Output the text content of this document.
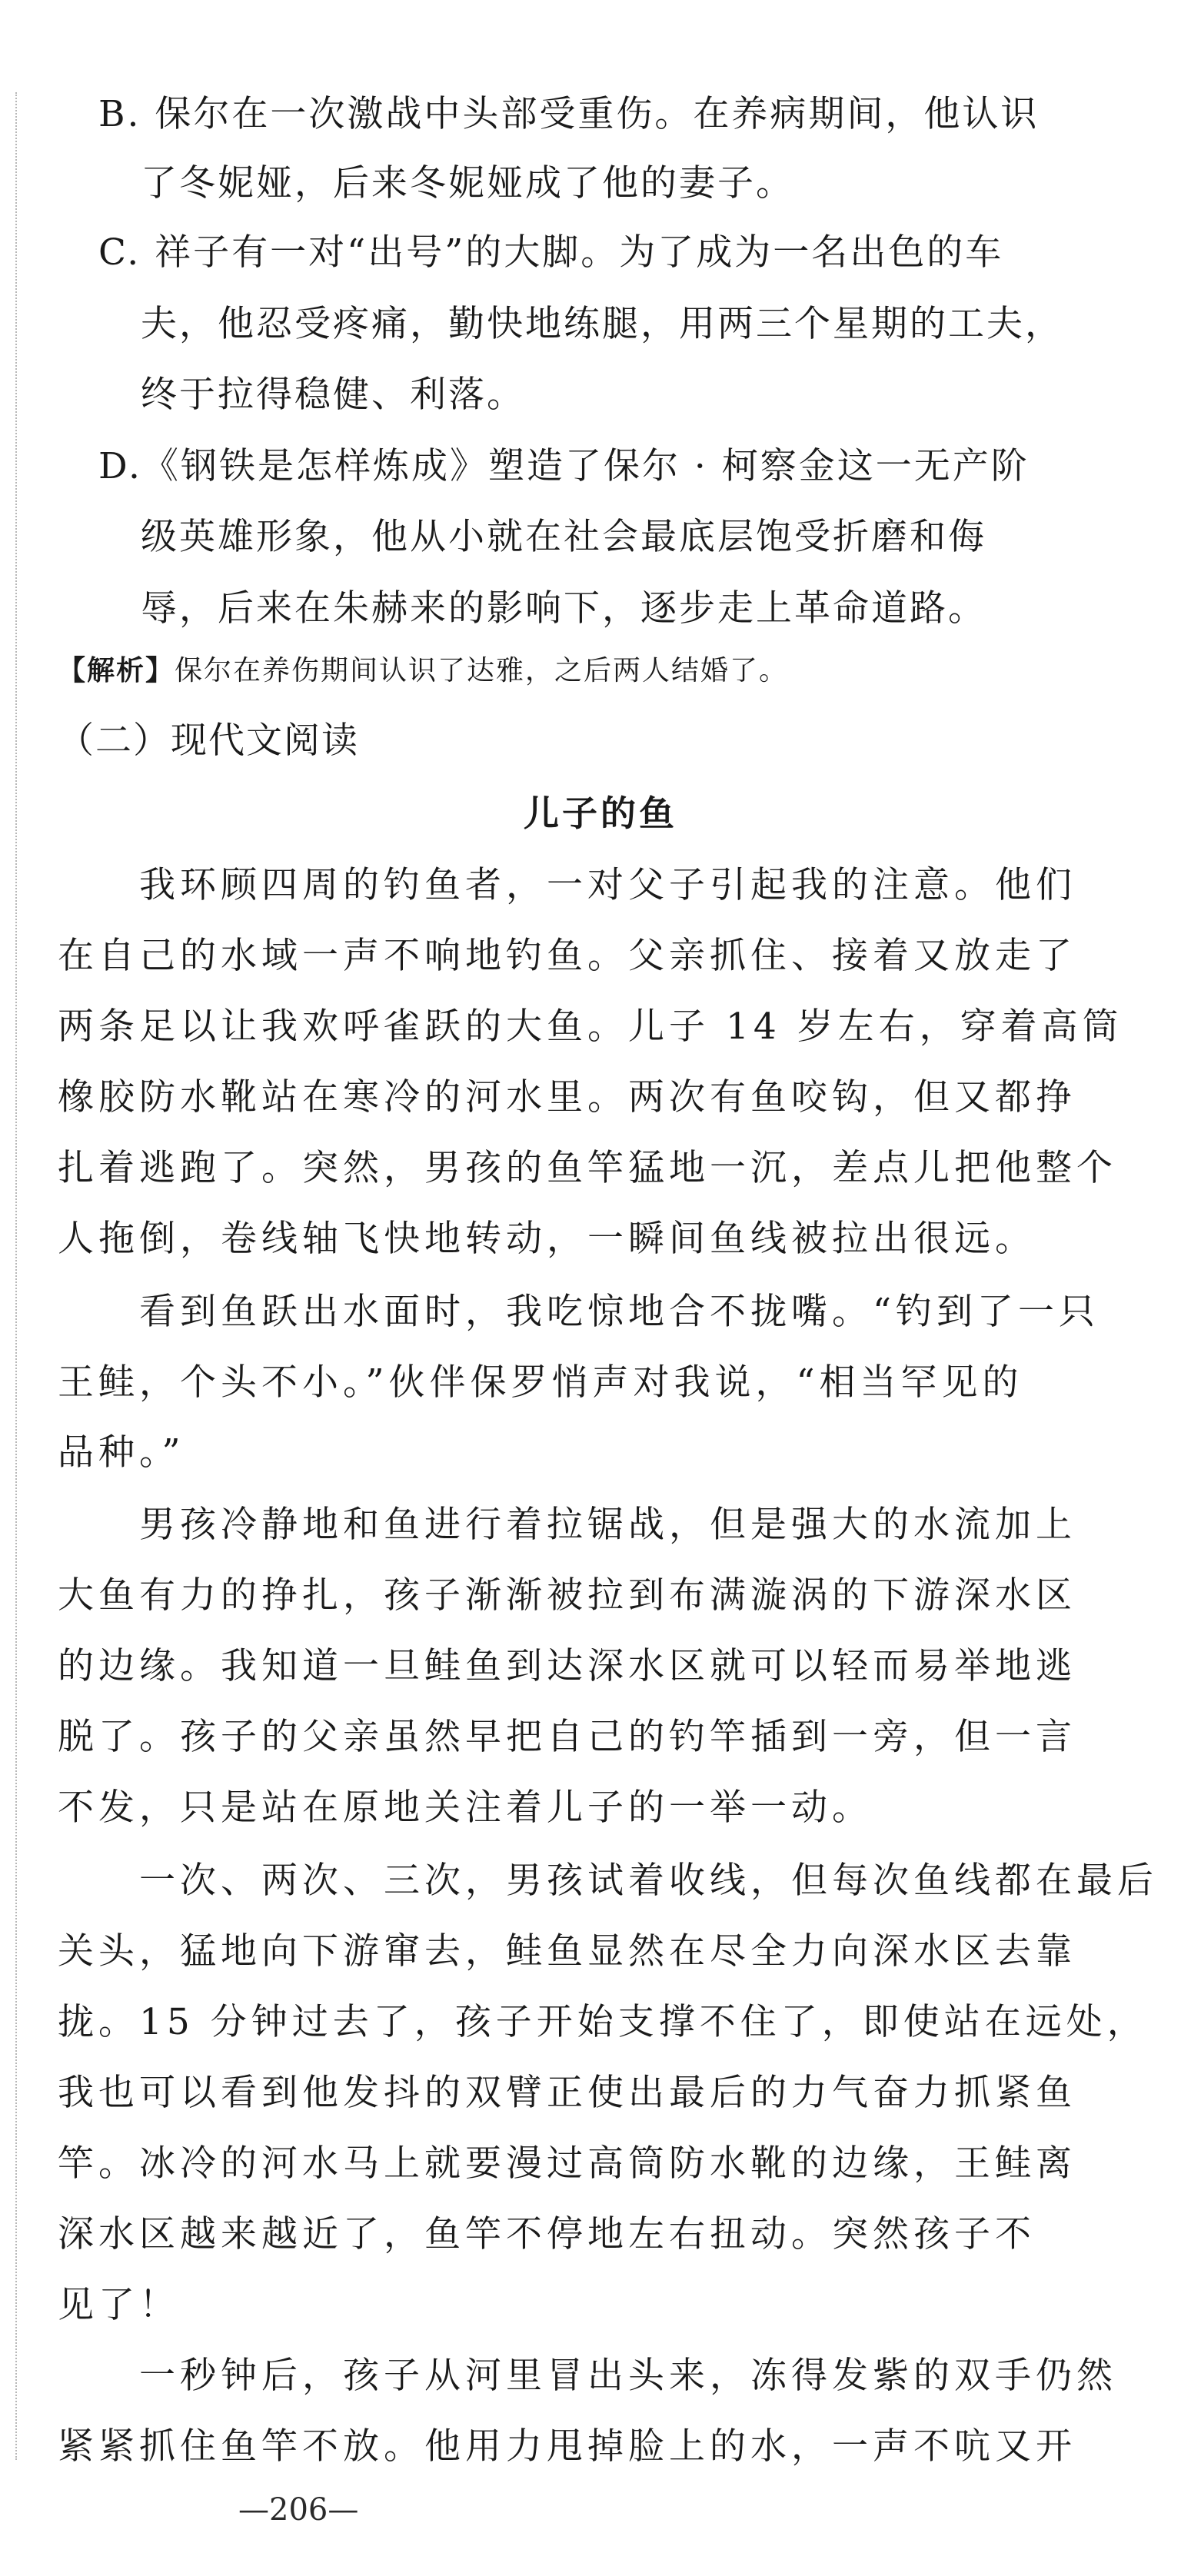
B. 保尔在一次激战中头部受重伤。在养病期间，他认识
了冬妮娅，后来冬妮娅成了他的妻子。
C. 祥子有一对“出号”的大脚。为了成为一名出色的车
夫，他忍受疼痛，勤快地练腿，用两三个星期的工夫，
终于拉得稳健、利落。
D.《钢铁是怎样炼成》塑造了保尔 · 柯察金这一无产阶
级英雄形象，他从小就在社会最底层饱受折磨和侮
辱，后来在朱赫来的影响下，逐步走上革命道路。
【解析】保尔在养伤期间认识了达雅，之后两人结婚了。
（二）现代文阅读
儿子的鱼
　　我环顾四周的钓鱼者，一对父子引起我的注意。他们
在自己的水域一声不响地钓鱼。父亲抓住、接着又放走了
两条足以让我欢呼雀跃的大鱼。儿子 14 岁左右，穿着高筒
橡胶防水靴站在寒冷的河水里。两次有鱼咬钩，但又都挣
扎着逃跑了。突然，男孩的鱼竿猛地一沉，差点儿把他整个
人拖倒，卷线轴飞快地转动，一瞬间鱼线被拉出很远。
　　看到鱼跃出水面时，我吃惊地合不拢嘴。“钓到了一只
王鲑，个头不小。”伙伴保罗悄声对我说，“相当罕见的
品种。”
　　男孩冷静地和鱼进行着拉锯战，但是强大的水流加上
大鱼有力的挣扎，孩子渐渐被拉到布满漩涡的下游深水区
的边缘。我知道一旦鲑鱼到达深水区就可以轻而易举地逃
脱了。孩子的父亲虽然早把自己的钓竿插到一旁，但一言
不发，只是站在原地关注着儿子的一举一动。
　　一次、两次、三次，男孩试着收线，但每次鱼线都在最后
关头，猛地向下游窜去，鲑鱼显然在尽全力向深水区去靠
拢。15 分钟过去了，孩子开始支撑不住了，即使站在远处，
我也可以看到他发抖的双臂正使出最后的力气奋力抓紧鱼
竿。冰冷的河水马上就要漫过高筒防水靴的边缘，王鲑离
深水区越来越近了，鱼竿不停地左右扭动。突然孩子不
见了！
　　一秒钟后，孩子从河里冒出头来，冻得发紫的双手仍然
紧紧抓住鱼竿不放。他用力甩掉脸上的水，一声不吭又开
—206—
